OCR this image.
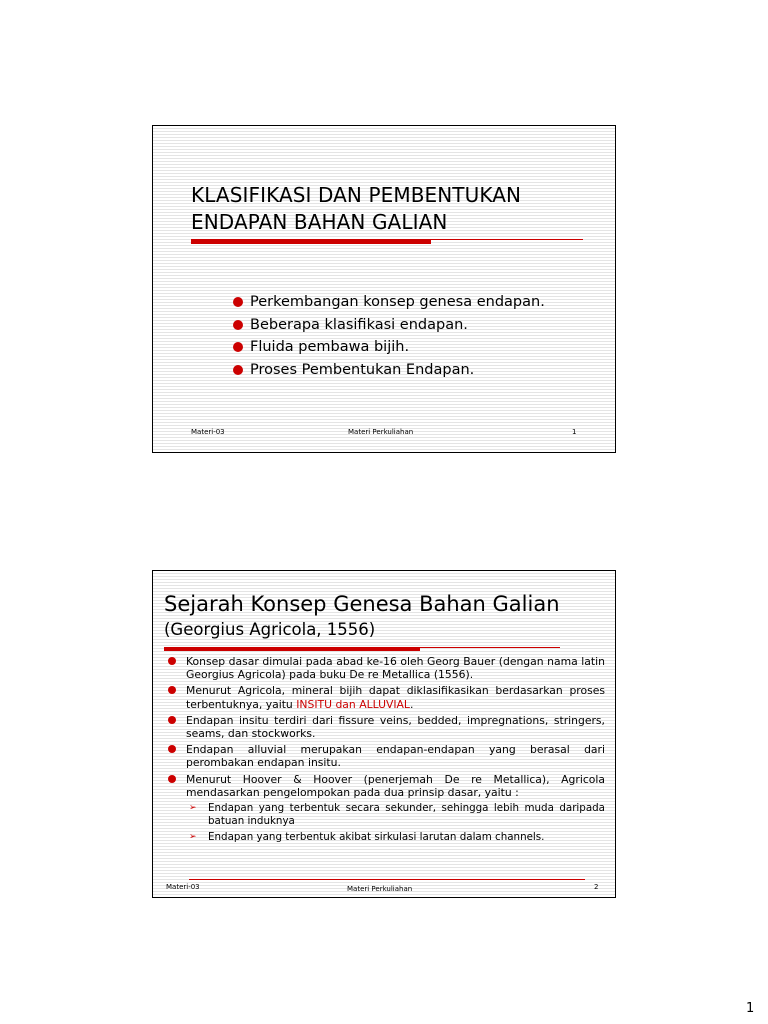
KLASIFIKASI DAN PEMBENTUKAN
ENDAPAN BAHAN GALIAN
Perkembangan konsep genesa endapan.
Beberapa klasifikasi endapan.
Fluida pembawa bijih.
Proses Pembentukan Endapan.
Materi-03	Materi Perkuliahan	1
Sejarah Konsep Genesa Bahan Galian
(Georgius Agricola, 1556)
Konsep dasar dimulai pada abad ke-16 oleh Georg Bauer (dengan nama latin Georgius Agricola) pada buku De re Metallica (1556).
Menurut Agricola, mineral bijih dapat diklasifikasikan berdasarkan proses terbentuknya, yaitu INSITU dan ALLUVIAL.
Endapan insitu terdiri dari fissure veins, bedded, impregnations, stringers, seams, dan stockworks.
Endapan alluvial merupakan endapan-endapan yang berasal dari perombakan endapan insitu.
Menurut Hoover & Hoover (penerjemah De re Metallica), Agricola mendasarkan pengelompokan pada dua prinsip dasar, yaitu :
➢ Endapan yang terbentuk secara sekunder, sehingga lebih muda daripada batuan induknya
➢ Endapan yang terbentuk akibat sirkulasi larutan dalam channels.
Materi-03	Materi Perkuliahan	2
1
